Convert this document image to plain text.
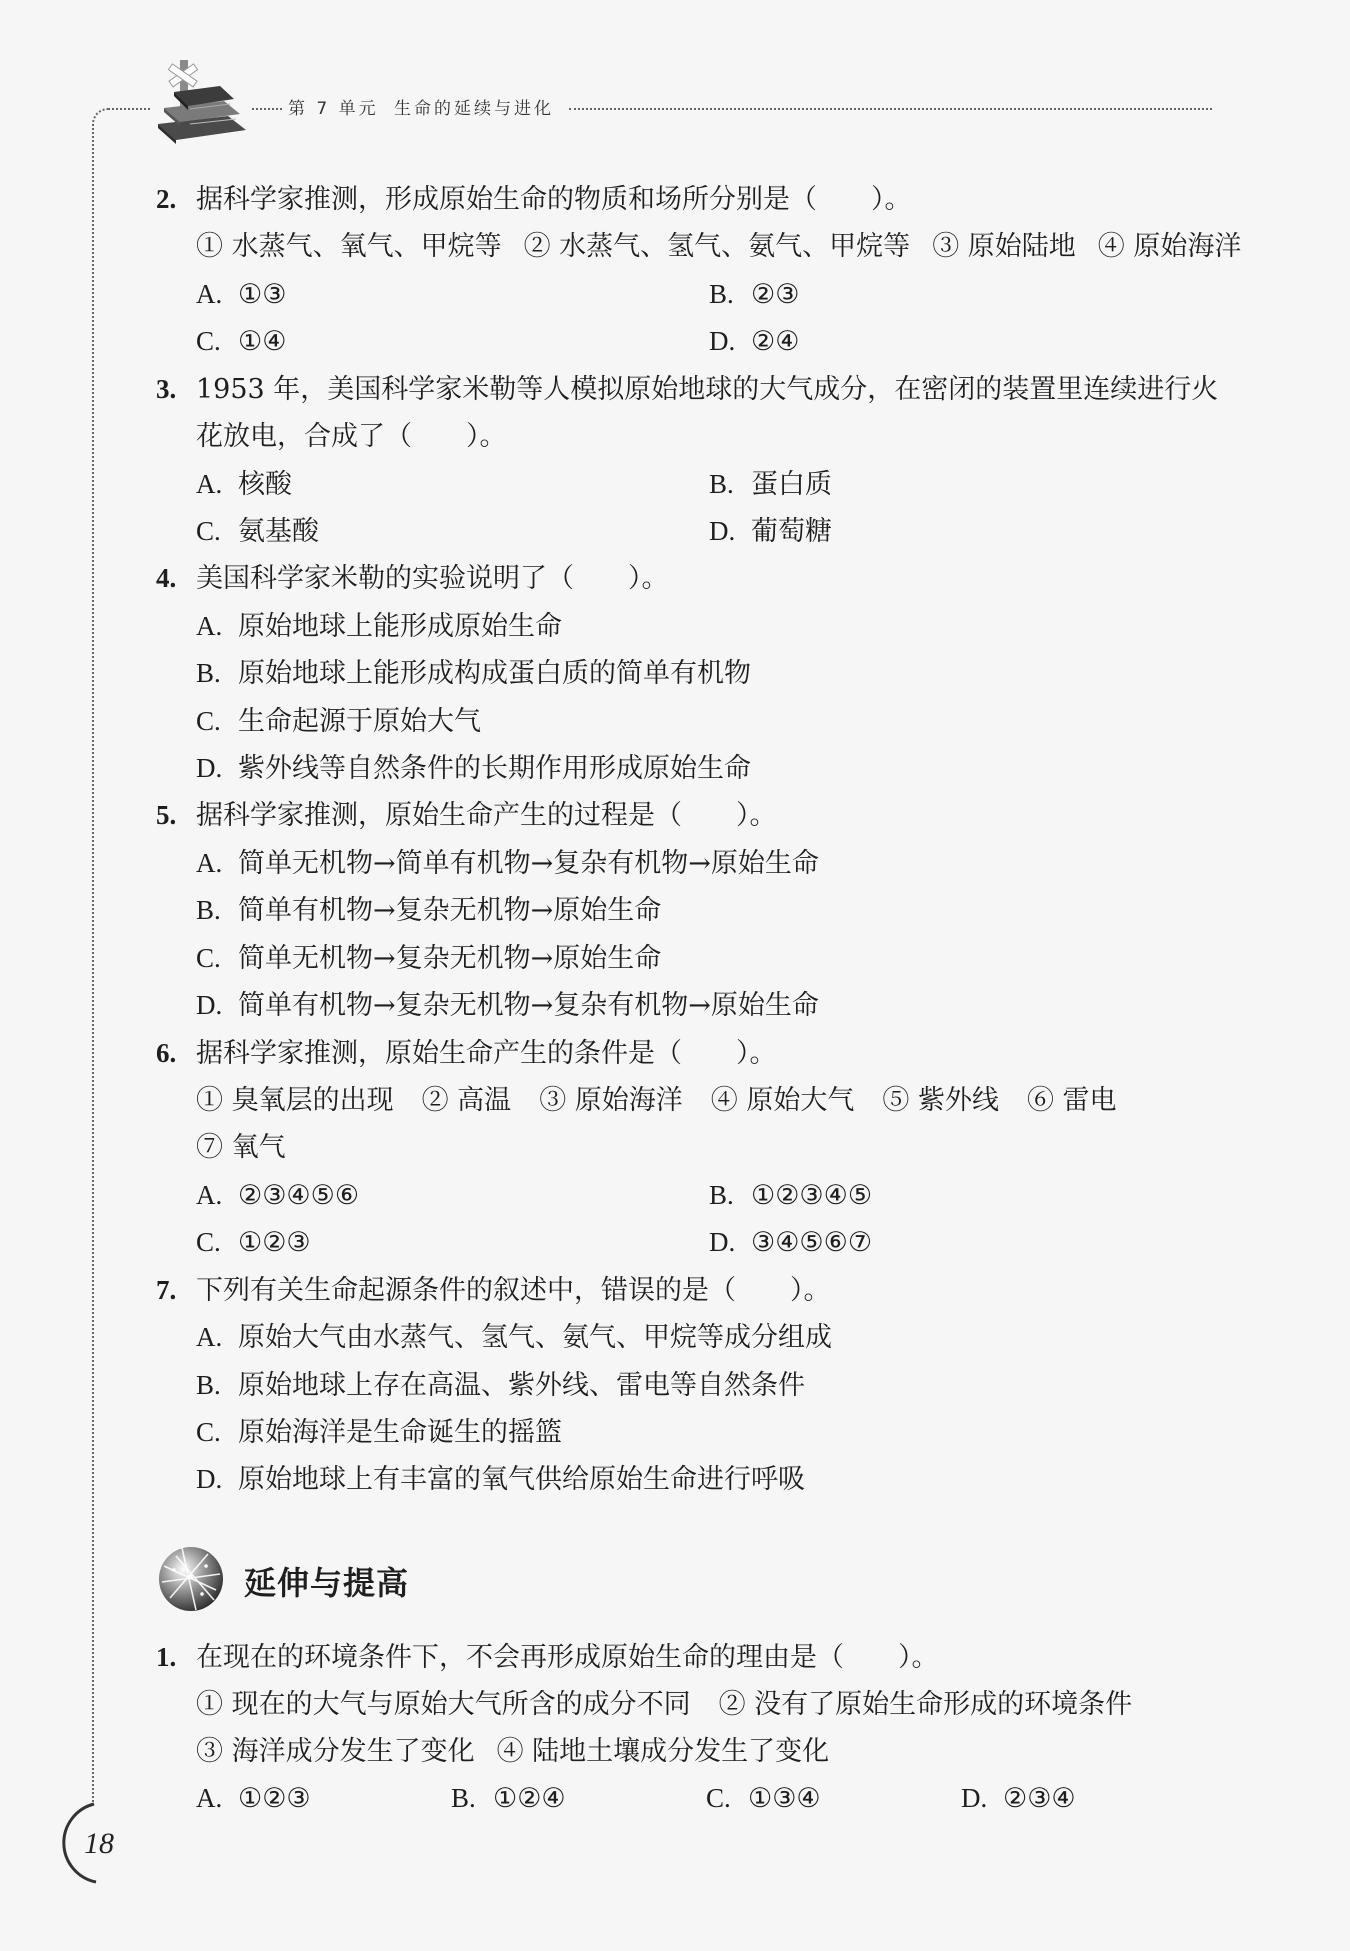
第 7 单元 生命的延续与进化
2. 据科学家推测，形成原始生命的物质和场所分别是（　　）。
① 水蒸气、氧气、甲烷等 ② 水蒸气、氢气、氨气、甲烷等 ③ 原始陆地 ④ 原始海洋
A. ①③	B. ②③
C. ①④	D. ②④
3. 1953 年，美国科学家米勒等人模拟原始地球的大气成分，在密闭的装置里连续进行火
花放电，合成了（　　）。
A. 核酸	B. 蛋白质
C. 氨基酸	D. 葡萄糖
4. 美国科学家米勒的实验说明了（　　）。
A. 原始地球上能形成原始生命
B. 原始地球上能形成构成蛋白质的简单有机物
C. 生命起源于原始大气
D. 紫外线等自然条件的长期作用形成原始生命
5. 据科学家推测，原始生命产生的过程是（　　）。
A. 简单无机物→简单有机物→复杂有机物→原始生命
B. 简单有机物→复杂无机物→原始生命
C. 简单无机物→复杂无机物→原始生命
D. 简单有机物→复杂无机物→复杂有机物→原始生命
6. 据科学家推测，原始生命产生的条件是（　　）。
① 臭氧层的出现 ② 高温 ③ 原始海洋 ④ 原始大气 ⑤ 紫外线 ⑥ 雷电
⑦ 氧气
A. ②③④⑤⑥	B. ①②③④⑤
C. ①②③	D. ③④⑤⑥⑦
7. 下列有关生命起源条件的叙述中，错误的是（　　）。
A. 原始大气由水蒸气、氢气、氨气、甲烷等成分组成
B. 原始地球上存在高温、紫外线、雷电等自然条件
C. 原始海洋是生命诞生的摇篮
D. 原始地球上有丰富的氧气供给原始生命进行呼吸
延伸与提高
1. 在现在的环境条件下，不会再形成原始生命的理由是（　　）。
① 现在的大气与原始大气所含的成分不同 ② 没有了原始生命形成的环境条件
③ 海洋成分发生了变化 ④ 陆地土壤成分发生了变化
A. ①②③	B. ①②④	C. ①③④	D. ②③④
18
